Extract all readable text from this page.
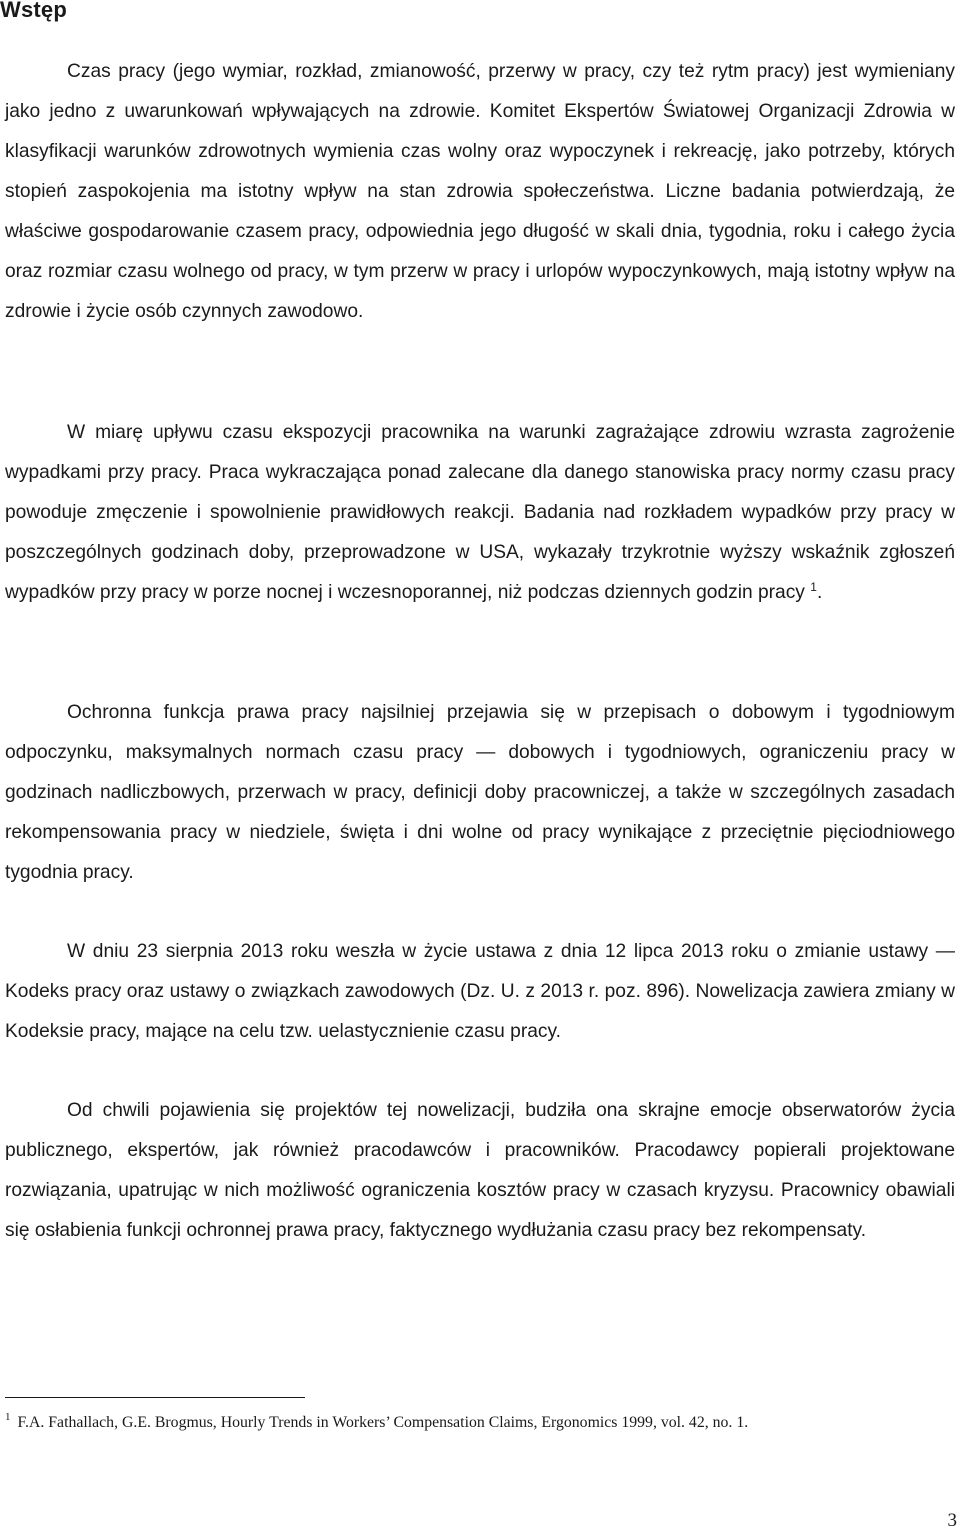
Wstęp

Czas pracy (jego wymiar, rozkład, zmianowość, przerwy w pracy, czy też rytm pracy) jest wymieniany jako jedno z uwarunkowań wpływających na zdrowie. Komitet Ekspertów Światowej Organizacji Zdrowia w klasyfikacji warunków zdrowotnych wymienia czas wolny oraz wypoczynek i rekreację, jako potrzeby, których stopień zaspokojenia ma istotny wpływ na stan zdrowia społeczeństwa. Liczne badania potwierdzają, że właściwe gospodarowanie czasem pracy, odpowiednia jego długość w skali dnia, tygodnia, roku i całego życia oraz rozmiar czasu wolnego od pracy, w tym przerw w pracy i urlopów wypoczynkowych, mają istotny wpływ na zdrowie i życie osób czynnych zawodowo.

W miarę upływu czasu ekspozycji pracownika na warunki zagrażające zdrowiu wzrasta zagrożenie wypadkami przy pracy. Praca wykraczająca ponad zalecane dla danego stanowiska pracy normy czasu pracy powoduje zmęczenie i spowolnienie prawidłowych reakcji. Badania nad rozkładem wypadków przy pracy w poszczególnych godzinach doby, przeprowadzone w USA, wykazały trzykrotnie wyższy wskaźnik zgłoszeń wypadków przy pracy w porze nocnej i wczesnoporannej, niż podczas dziennych godzin pracy $^1$.

Ochronna funkcja prawa pracy najsilniej przejawia się w przepisach o dobowym i tygodniowym odpoczynku, maksymalnych normach czasu pracy — dobowych i tygodniowych, ograniczeniu pracy w godzinach nadliczbowych, przerwach w pracy, definicji doby pracowniczej, a także w szczególnych zasadach rekompensowania pracy w niedziele, święta i dni wolne od pracy wynikające z przeciętnie pięciodniowego tygodnia pracy.

W dniu 23 sierpnia 2013 roku weszła w życie ustawa z dnia 12 lipca 2013 roku o zmianie ustawy — Kodeks pracy oraz ustawy o związkach zawodowych (Dz. U. z 2013 r. poz. 896). Nowelizacja zawiera zmiany w Kodeksie pracy, mające na celu tzw. uelastycznienie czasu pracy.

Od chwili pojawienia się projektów tej nowelizacji, budziła ona skrajne emocje obserwatorów życia publicznego, ekspertów, jak również pracodawców i pracowników. Pracodawcy popierali projektowane rozwiązania, upatrując w nich możliwość ograniczenia kosztów pracy w czasach kryzysu. Pracownicy obawiali się osłabienia funkcji ochronnej prawa pracy, faktycznego wydłużania czasu pracy bez rekompensaty.

$^1$ F.A. Fathallach, G.E. Brogmus, Hourly Trends in Workers’ Compensation Claims, Ergonomics 1999, vol. 42, no. 1.

3
